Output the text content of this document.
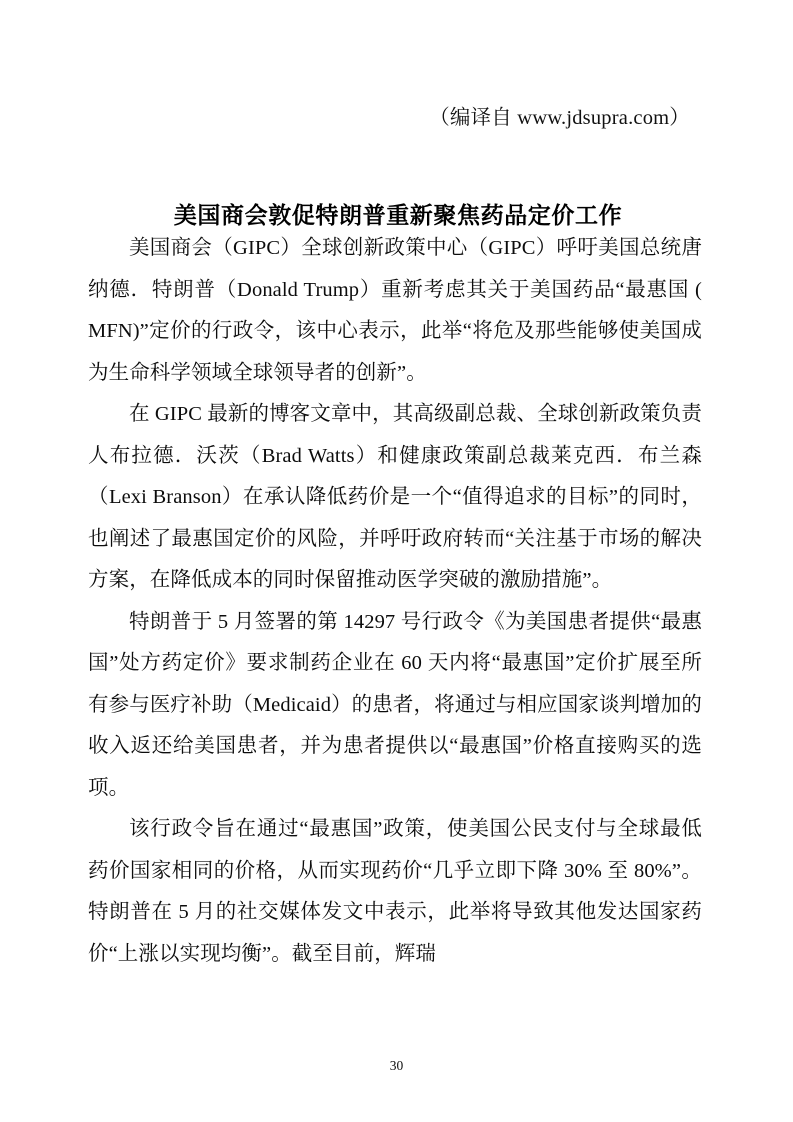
（编译自 www.jdsupra.com）
美国商会敦促特朗普重新聚焦药品定价工作

美国商会（GIPC）全球创新政策中心（GIPC）呼吁美国总统唐纳德．特朗普（Donald Trump）重新考虑其关于美国药品“最惠国 ( MFN)”定价的行政令，该中心表示，此举“将危及那些能够使美国成为生命科学领域全球领导者的创新”。

在 GIPC 最新的博客文章中，其高级副总裁、全球创新政策负责人布拉德．沃茨（Brad Watts）和健康政策副总裁莱克西．布兰森（Lexi Branson）在承认降低药价是一个“值得追求的目标”的同时，也阐述了最惠国定价的风险，并呼吁政府转而“关注基于市场的解决方案，在降低成本的同时保留推动医学突破的激励措施”。

特朗普于 5 月签署的第 14297 号行政令《为美国患者提供“最惠国”处方药定价》要求制药企业在 60 天内将“最惠国”定价扩展至所有参与医疗补助（Medicaid）的患者，将通过与相应国家谈判增加的收入返还给美国患者，并为患者提供以“最惠国”价格直接购买的选项。

该行政令旨在通过“最惠国”政策，使美国公民支付与全球最低药价国家相同的价格，从而实现药价“几乎立即下降 30% 至 80%”。特朗普在 5 月的社交媒体发文中表示，此举将导致其他发达国家药价“上涨以实现均衡”。截至目前，辉瑞

30
